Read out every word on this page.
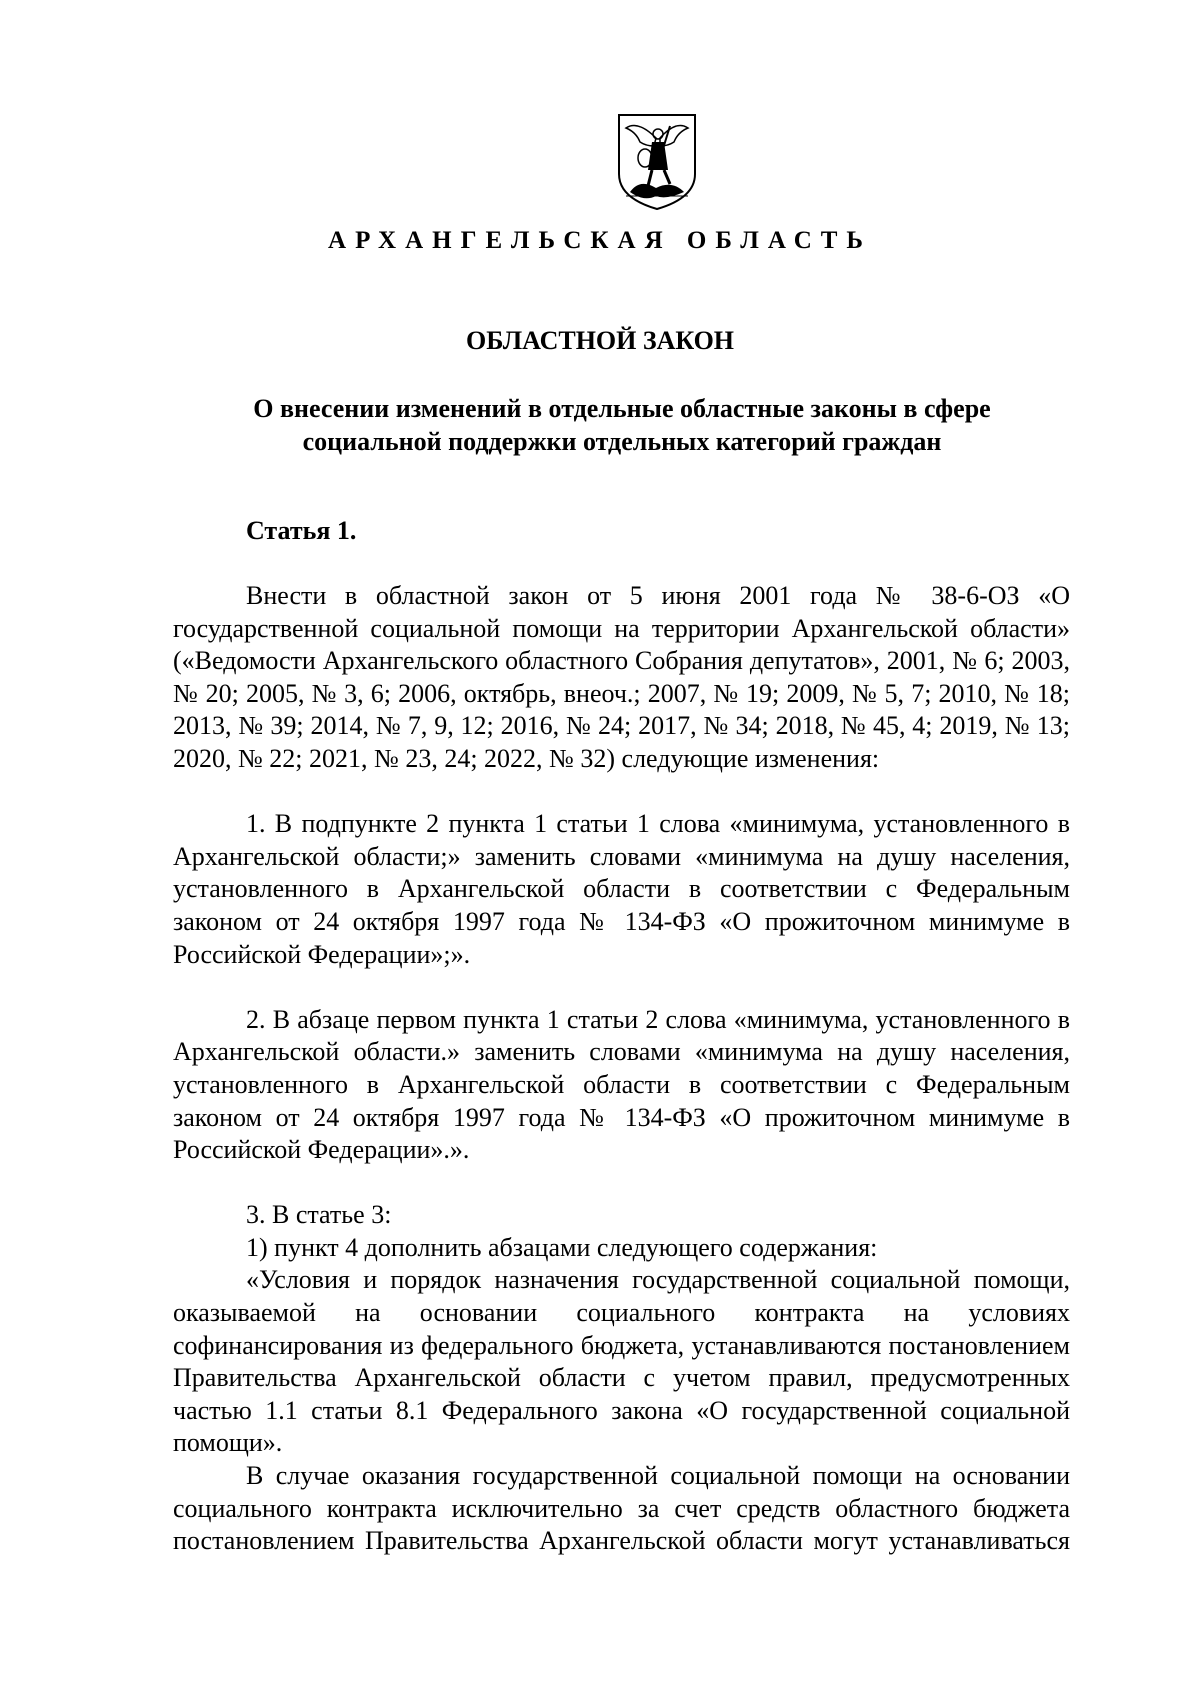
АРХАНГЕЛЬСКАЯ ОБЛАСТЬ
ОБЛАСТНОЙ ЗАКОН
О внесении изменений в отдельные областные законы в сфере
социальной поддержки отдельных категорий граждан
Статья 1.

Внести в областной закон от 5 июня 2001 года № 38-6-ОЗ «О государственной социальной помощи на территории Архангельской области» («Ведомости Архангельского областного Собрания депутатов», 2001, № 6; 2003, № 20; 2005, № 3, 6; 2006, октябрь, внеоч.; 2007, № 19; 2009, № 5, 7; 2010, № 18; 2013, № 39; 2014, № 7, 9, 12; 2016, № 24; 2017, № 34; 2018, № 45, 4; 2019, № 13; 2020, № 22; 2021, № 23, 24; 2022, № 32) следующие изменения:

1. В подпункте 2 пункта 1 статьи 1 слова «минимума, установленного в Архангельской области;» заменить словами «минимума на душу населения, установленного в Архангельской области в соответствии с Федеральным законом от 24 октября 1997 года № 134-ФЗ «О прожиточном минимуме в Российской Федерации»;».

2. В абзаце первом пункта 1 статьи 2 слова «минимума, установленного в Архангельской области.» заменить словами «минимума на душу населения, установленного в Архангельской области в соответствии с Федеральным законом от 24 октября 1997 года № 134-ФЗ «О прожиточном минимуме в Российской Федерации».».

3. В статье 3:

1) пункт 4 дополнить абзацами следующего содержания:

«Условия и порядок назначения государственной социальной помощи, оказываемой на основании социального контракта на условиях софинансирования из федерального бюджета, устанавливаются постановлением Правительства Архангельской области с учетом правил, предусмотренных частью 1.1 статьи 8.1 Федерального закона «О государственной социальной помощи».

В случае оказания государственной социальной помощи на основании социального контракта исключительно за счет средств областного бюджета постановлением Правительства Архангельской области могут устанавливаться
